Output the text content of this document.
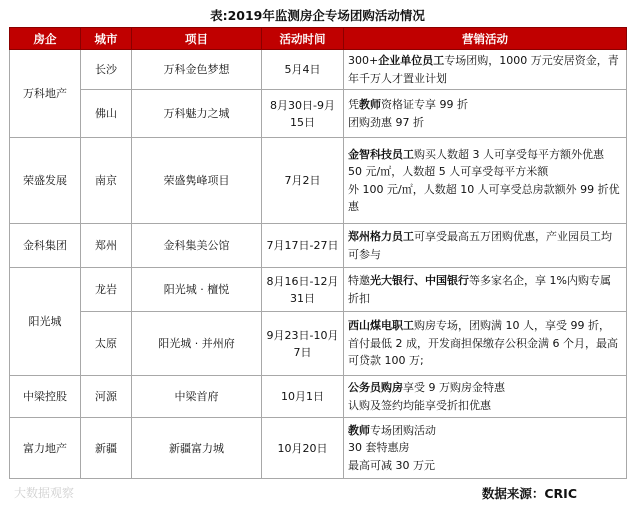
表:2019年监测房企专场团购活动情况
房企	城市	项目	活动时间	营销活动
万科地产	长沙	万科金色梦想	5月4日	300+企业单位员工专场团购，1000 万元安居资金，青
年千万人才置业计划

	佛山	万科魅力之城	8月30日-9月15日	凭教师资格证专享 99 折
团购劲惠 97 折

荣盛发展	南京	荣盛隽峰项目	7月2日	金智科技员工购买人数超 3 人可享受每平方额外优惠
50 元/㎡，人数超 5 人可享受每平方米额
外 100 元/㎡，人数超 10 人可享受总房款额外 99 折优
惠

金科集团	郑州	金科集美公馆	7月17日-27日	郑州格力员工可享受最高五万团购优惠，产业园员工均
可参与

阳光城	龙岩	阳光城 · 檀悦	8月16日-12月31日	特邀光大银行、中国银行等多家名企，享 1%内购专属
折扣

	太原	阳光城 · 并州府	9月23日-10月7日	西山煤电职工购房专场，团购满 10 人，享受 99 折，
首付最低 2 成，开发商担保缴存公积金满 6 个月，最高
可贷款 100 万;

中梁控股	河源	中梁首府	10月1日	公务员购房享受 9 万购房金特惠
认购及签约均能享受折扣优惠

富力地产	新疆	新疆富力城	10月20日	教师专场团购活动
30 套特惠房
最高可减 30 万元
大数据观察	数据来源：CRIC
